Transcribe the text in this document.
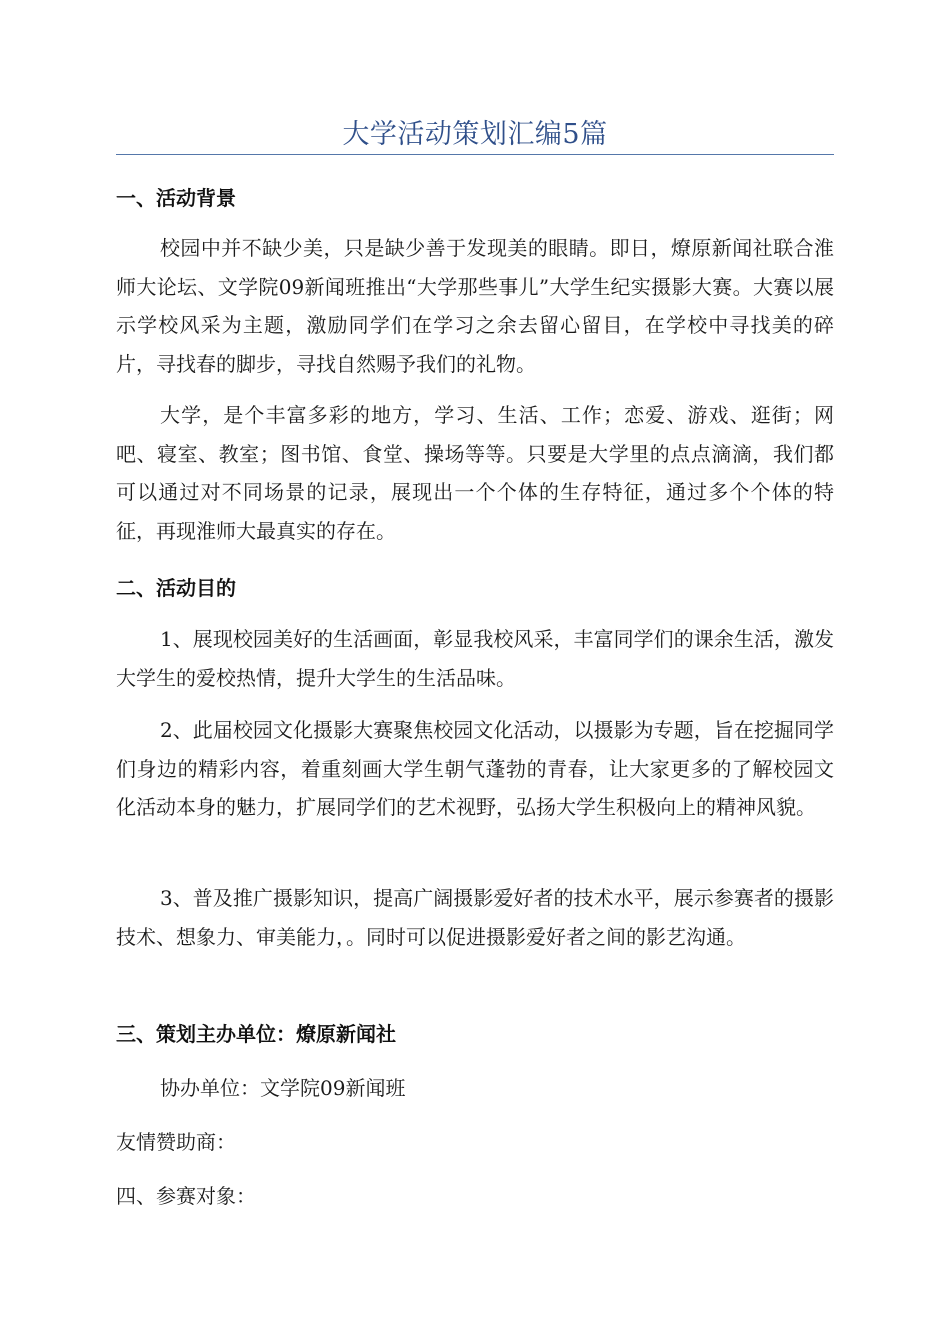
大学活动策划汇编5篇
一、活动背景
校园中并不缺少美，只是缺少善于发现美的眼睛。即日，燎原新闻社联合淮师大论坛、文学院09新闻班推出“大学那些事儿”大学生纪实摄影大赛。大赛以展示学校风采为主题，激励同学们在学习之余去留心留目，在学校中寻找美的碎片，寻找春的脚步，寻找自然赐予我们的礼物。
大学，是个丰富多彩的地方，学习、生活、工作；恋爱、游戏、逛街；网吧、寝室、教室；图书馆、食堂、操场等等。只要是大学里的点点滴滴，我们都可以通过对不同场景的记录，展现出一个个体的生存特征，通过多个个体的特征，再现淮师大最真实的存在。
二、活动目的
1、展现校园美好的生活画面，彰显我校风采，丰富同学们的课余生活，激发大学生的爱校热情，提升大学生的生活品味。
2、此届校园文化摄影大赛聚焦校园文化活动，以摄影为专题，旨在挖掘同学们身边的精彩内容，着重刻画大学生朝气蓬勃的青春，让大家更多的了解校园文化活动本身的魅力，扩展同学们的艺术视野，弘扬大学生积极向上的精神风貌。
3、普及推广摄影知识，提高广阔摄影爱好者的技术水平，展示参赛者的摄影技术、想象力、审美能力，。同时可以促进摄影爱好者之间的影艺沟通。
三、策划主办单位：燎原新闻社
协办单位：文学院09新闻班
友情赞助商：
四、参赛对象：
